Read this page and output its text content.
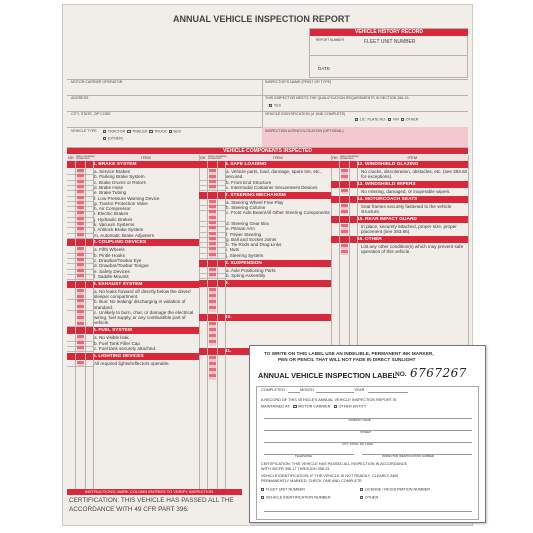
ANNUAL VEHICLE INSPECTION REPORT
VEHICLE HISTORY RECORD
REPORT NUMBER	FLEET UNIT NUMBER
DATE
MOTOR CARRIER OPERATOR	INSPECTOR'S NAME (PRINT OR TYPE)
ADDRESS	THIS INSPECTOR MEETS THE QUALIFICATION REQUIREMENTS IN SECTION 396.19.
YES
CITY, STATE, ZIP CODE	VEHICLE IDENTIFICATION (✔ AND COMPLETE)
LIC. PLATE NO. VIN OTHER
VEHICLE TYPE	TRACTOR TRAILER TRUCK BUS
(OTHER)
INSPECTION AGENCY/LOCATION (OPTIONAL)
VEHICLE COMPONENTS INSPECTED
OK NEEDS REPAIR
REPAIRED DATE	ITEM	OK NEEDS REPAIR
REPAIRED DATE	ITEM	OK NEEDS REPAIR
REPAIRED DATE	ITEM
1. BRAKE SYSTEM
a. Service Brakes
b. Parking Brake System
c. Brake Drums or Rotors
d. Brake Hose
e. Brake Tubing
f. Low Pressure Warning Device
g. Tractor Protection Valve
h. Air Compressor
i. Electric Brakes
j. Hydraulic Brakes
k. Vacuum Systems
l. Antilock Brake System
m. Automatic Brake Adjusters
2. COUPLING DEVICES
a. Fifth Wheels
b. Pintle Hooks
c. Drawbar/Towbar Eye
d. Drawbar/Towbar Tongue
e. Safety Devices
f. Saddle-Mounts
3. EXHAUST SYSTEM
a. No leaks forward of/ directly below the driver/ sleeper compartment.
b. Bus: No leaking/ discharging in violation of standard.
c. Unlikely to burn, char, or damage the electrical wiring, fuel supply, or any combustible part of vehicle.
4. FUEL SYSTEM
a. No visible leak.
b. Fuel Tank Filler Cap
c. Fuel tank securely attached.
5. LIGHTING DEVICES
All required lights/reflectors operable.
6. SAFE LOADING
a. Vehicle parts, load, dunnage, spare tire, etc., secured.
b. Front End Structure
c. Intermodal Container Securement Devices
7. STEERING MECHANISM
a. Steering Wheel Free Play
b. Steering Column
c. Front Axle Beam/All Other Steering Components
d. Steering Gear Box
e. Pitman Arm
f. Power Steering
g. Ball and Socket Joints
h. Tie Rods and Drag Links
i. Nuts
j. Steering System
8. SUSPENSION
a. Axle Positioning Parts
b. Spring Assembly
9.
10.
11.
12. WINDSHIELD GLAZING
No cracks, discoloration, obstacles, etc. (see 393.60 for exceptions).
13. WINDSHIELD WIPERS
No missing, damaged, or inoperable wipers.
14. MOTORCOACH SEATS
Seat frames securely fastened to the vehicle structure.
15. REAR IMPACT GUARD
In place, securely attached, proper size, proper placement (see 393.86).
16. OTHER
List any other condition(s) which may prevent safe operation of this vehicle.
INSTRUCTIONS: MARK COLUMN ENTRIES TO VERIFY INSPECTION
CERTIFICATION: THIS VEHICLE HAS PASSED ALL THE
ACCORDANCE WITH 49 CFR PART 396.
TO WRITE ON THIS LABEL USE AN INDELIBLE, PERMANENT INK MARKER,
PEN OR PENCIL THAT WILL NOT FADE IN DIRECT SUNLIGHT
ANNUAL VEHICLE INSPECTION LABEL
NO. 6767267
COMPLETED	MONTH	YEAR
A RECORD OF THIS VEHICLE'S ANNUAL VEHICLE INSPECTION REPORT IS
MAINTAINED AT: MOTOR CARRIER OTHER ENTITY
COMPANY NAME
STREET
CITY, STATE, ZIP CODE
TELEPHONE	INSPECTOR IDENTIFICATION NUMBER
CERTIFICATION: THIS VEHICLE HAS PASSED ALL INSPECTION IN ACCORDANCE
WITH 49CFR 396.17 THROUGH 396.23.
VEHICLE IDENTIFICATION: IF THE VEHICLE IS NOT READILY, CLEARLY, AND
PERMANENTLY MARKED, CHECK ONE AND COMPLETE
FLEET UNIT NUMBER	LICENSE / REGISTRATION NUMBER
VEHICLE IDENTIFICATION NUMBER	OTHER
